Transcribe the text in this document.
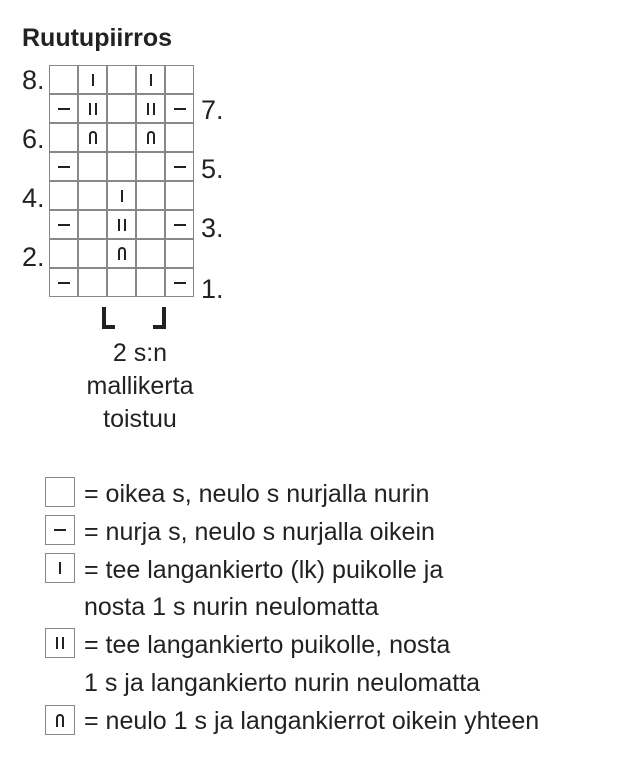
Ruutupiirros
8.
7.
6.
5.
4.
3.
2.
1.
2 s:n
mallikerta
toistuu
= oikea s, neulo s nurjalla nurin
= nurja s, neulo s nurjalla oikein
= tee langankierto (lk) puikolle ja
nosta 1 s nurin neulomatta
= tee langankierto puikolle, nosta
1 s ja langankierto nurin neulomatta
= neulo 1 s ja langankierrot oikein yhteen
